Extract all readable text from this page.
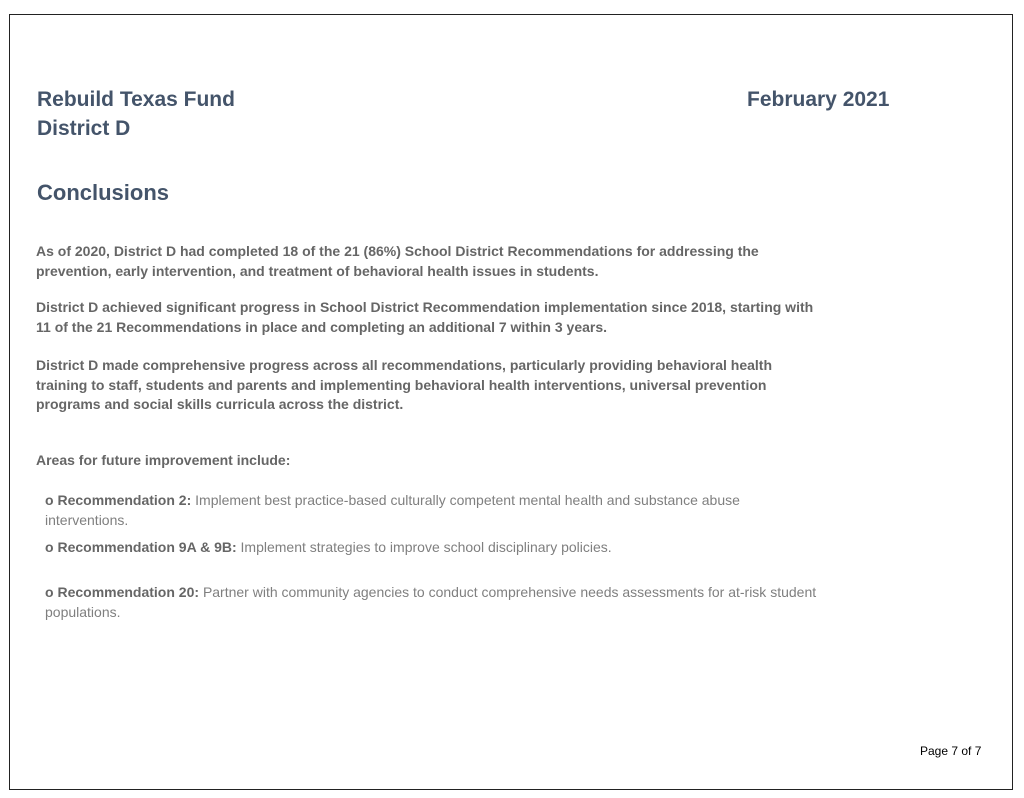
Rebuild Texas Fund
District D
February 2021
Conclusions

As of 2020, District D had completed 18 of the 21 (86%) School District Recommendations for addressing the prevention, early intervention, and treatment of behavioral health issues in students.

District D achieved significant progress in School District Recommendation implementation since 2018, starting with 11 of the 21 Recommendations in place and completing an additional 7 within 3 years.

District D made comprehensive progress across all recommendations, particularly providing behavioral health training to staff, students and parents and implementing behavioral health interventions, universal prevention programs and social skills curricula across the district.

Areas for future improvement include:

o Recommendation 2: Implement best practice-based culturally competent mental health and substance abuse interventions.

o Recommendation 9A & 9B: Implement strategies to improve school disciplinary policies.

o Recommendation 20: Partner with community agencies to conduct comprehensive needs assessments for at-risk student populations.

Page 7 of 7
